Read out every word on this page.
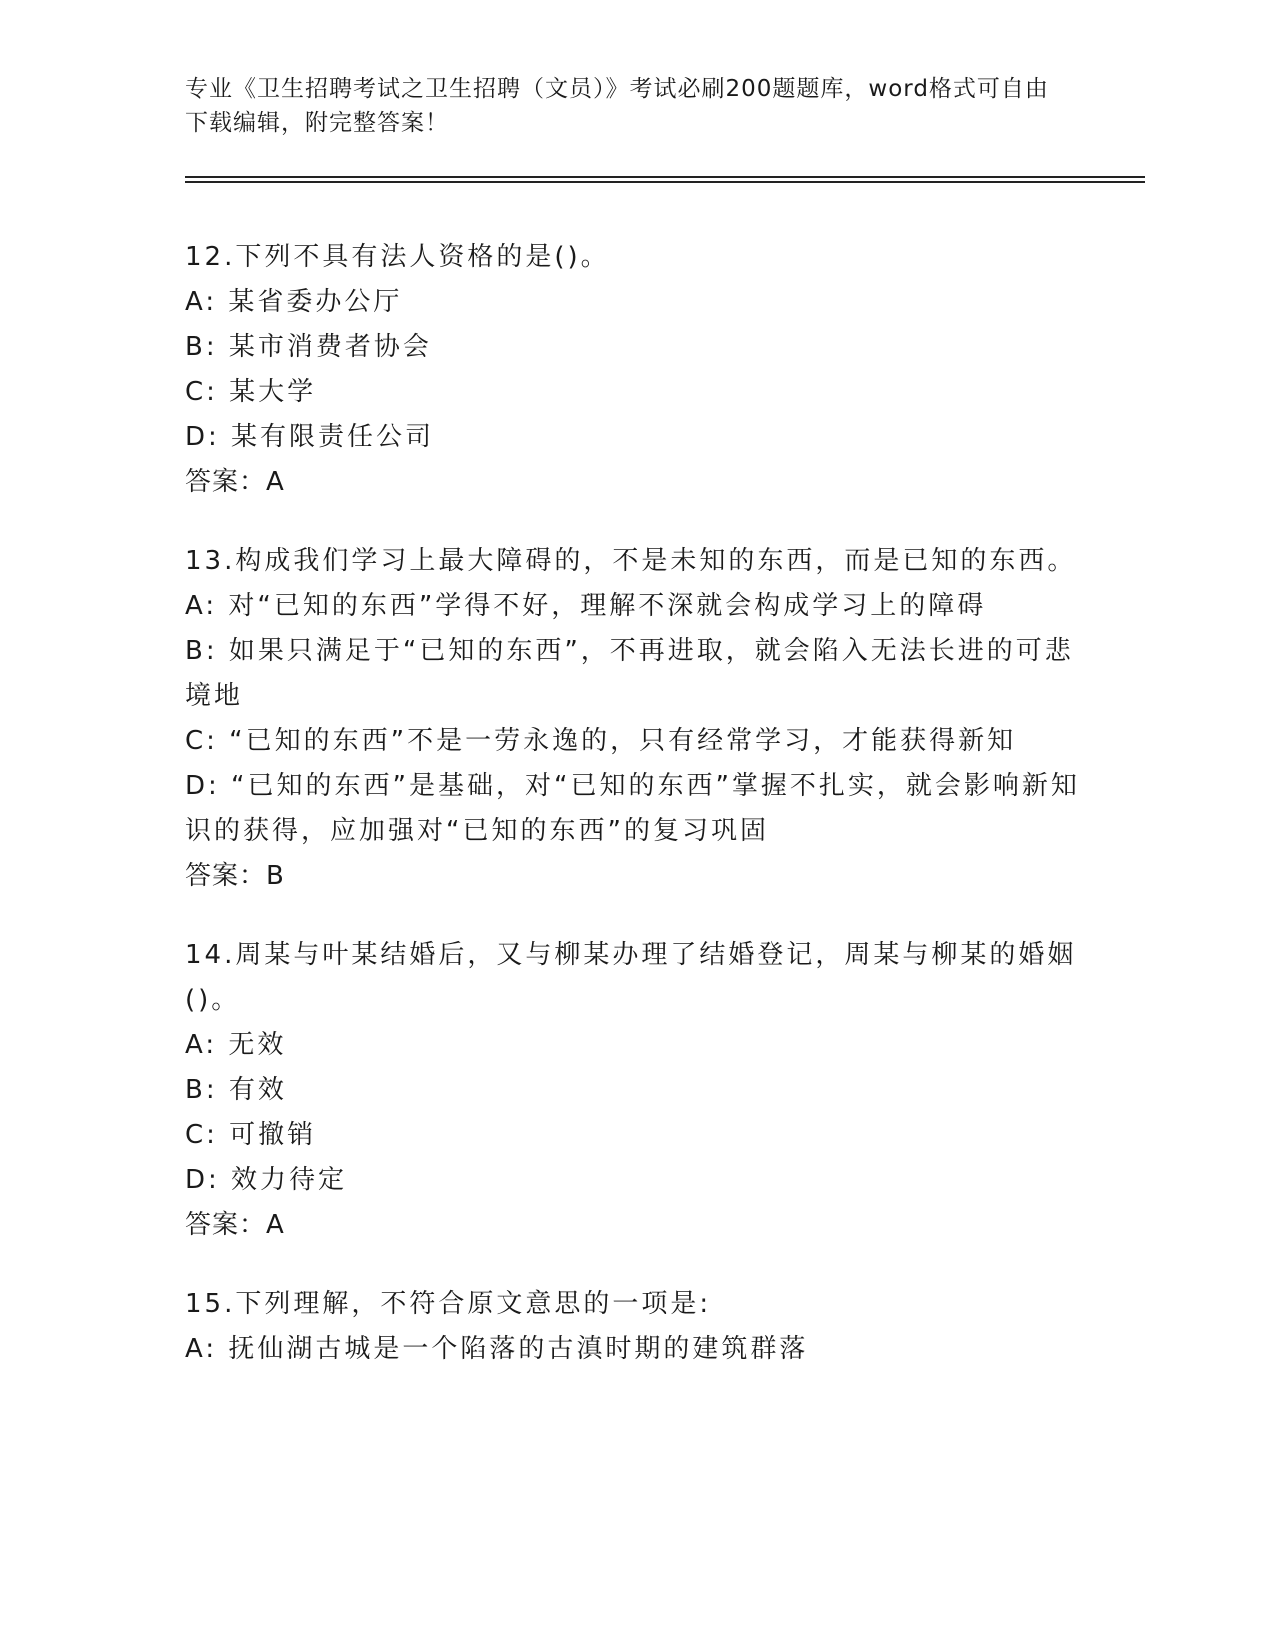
专业《卫生招聘考试之卫生招聘（文员）》考试必刷200题题库，word格式可自由下载编辑，附完整答案！

12.下列不具有法人资格的是()。

A: 某省委办公厅

B: 某市消费者协会

C: 某大学

D: 某有限责任公司

答案：A

13.构成我们学习上最大障碍的，不是未知的东西，而是已知的东西。

A: 对“已知的东西”学得不好，理解不深就会构成学习上的障碍

B: 如果只满足于“已知的东西”，不再进取，就会陷入无法长进的可悲境地

C: “已知的东西”不是一劳永逸的，只有经常学习，才能获得新知

D: “已知的东西”是基础，对“已知的东西”掌握不扎实，就会影响新知识的获得，应加强对“已知的东西”的复习巩固

答案：B

14.周某与叶某结婚后，又与柳某办理了结婚登记，周某与柳某的婚姻()。

A: 无效

B: 有效

C: 可撤销

D: 效力待定

答案：A

15.下列理解，不符合原文意思的一项是:

A: 抚仙湖古城是一个陷落的古滇时期的建筑群落
